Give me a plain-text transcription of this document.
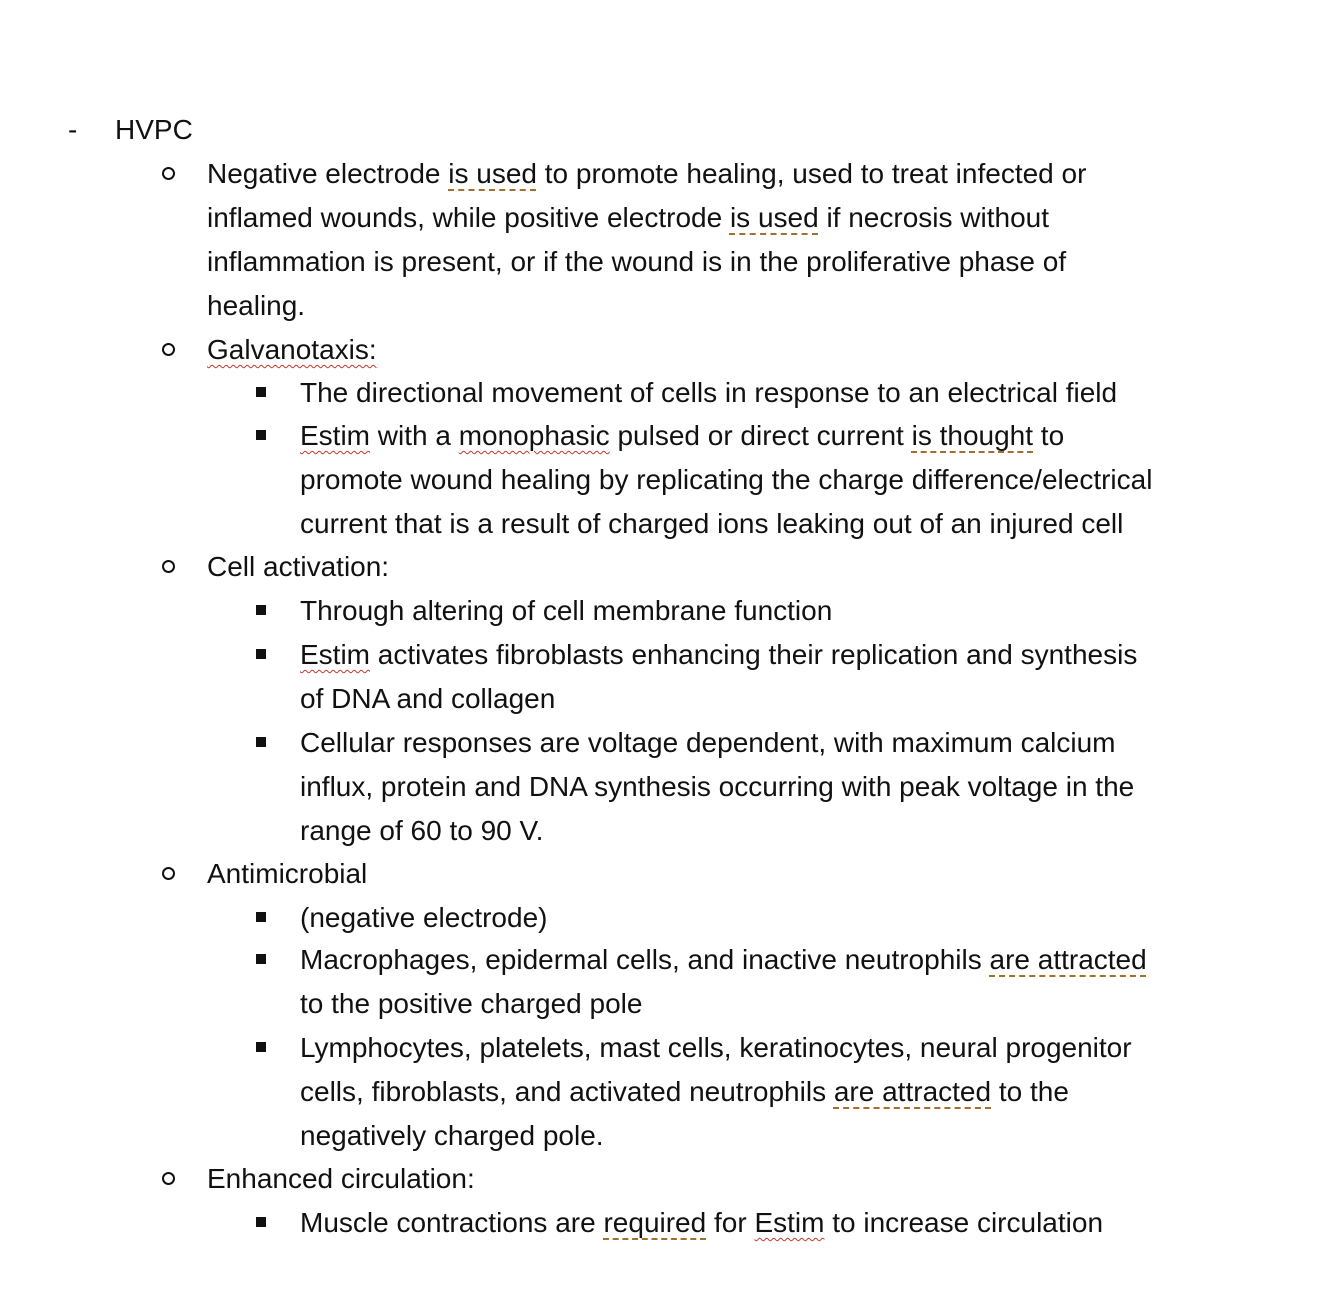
- HVPC
Negative electrode is used to promote healing, used to treat infected or
inflamed wounds, while positive electrode is used if necrosis without
inflammation is present, or if the wound is in the proliferative phase of
healing.
Galvanotaxis:
The directional movement of cells in response to an electrical field
Estim with a monophasic pulsed or direct current is thought to
promote wound healing by replicating the charge difference/electrical
current that is a result of charged ions leaking out of an injured cell
Cell activation:
Through altering of cell membrane function
Estim activates fibroblasts enhancing their replication and synthesis
of DNA and collagen
Cellular responses are voltage dependent, with maximum calcium
influx, protein and DNA synthesis occurring with peak voltage in the
range of 60 to 90 V.
Antimicrobial
(negative electrode)
Macrophages, epidermal cells, and inactive neutrophils are attracted
to the positive charged pole
Lymphocytes, platelets, mast cells, keratinocytes, neural progenitor
cells, fibroblasts, and activated neutrophils are attracted to the
negatively charged pole.
Enhanced circulation:
Muscle contractions are required for Estim to increase circulation
